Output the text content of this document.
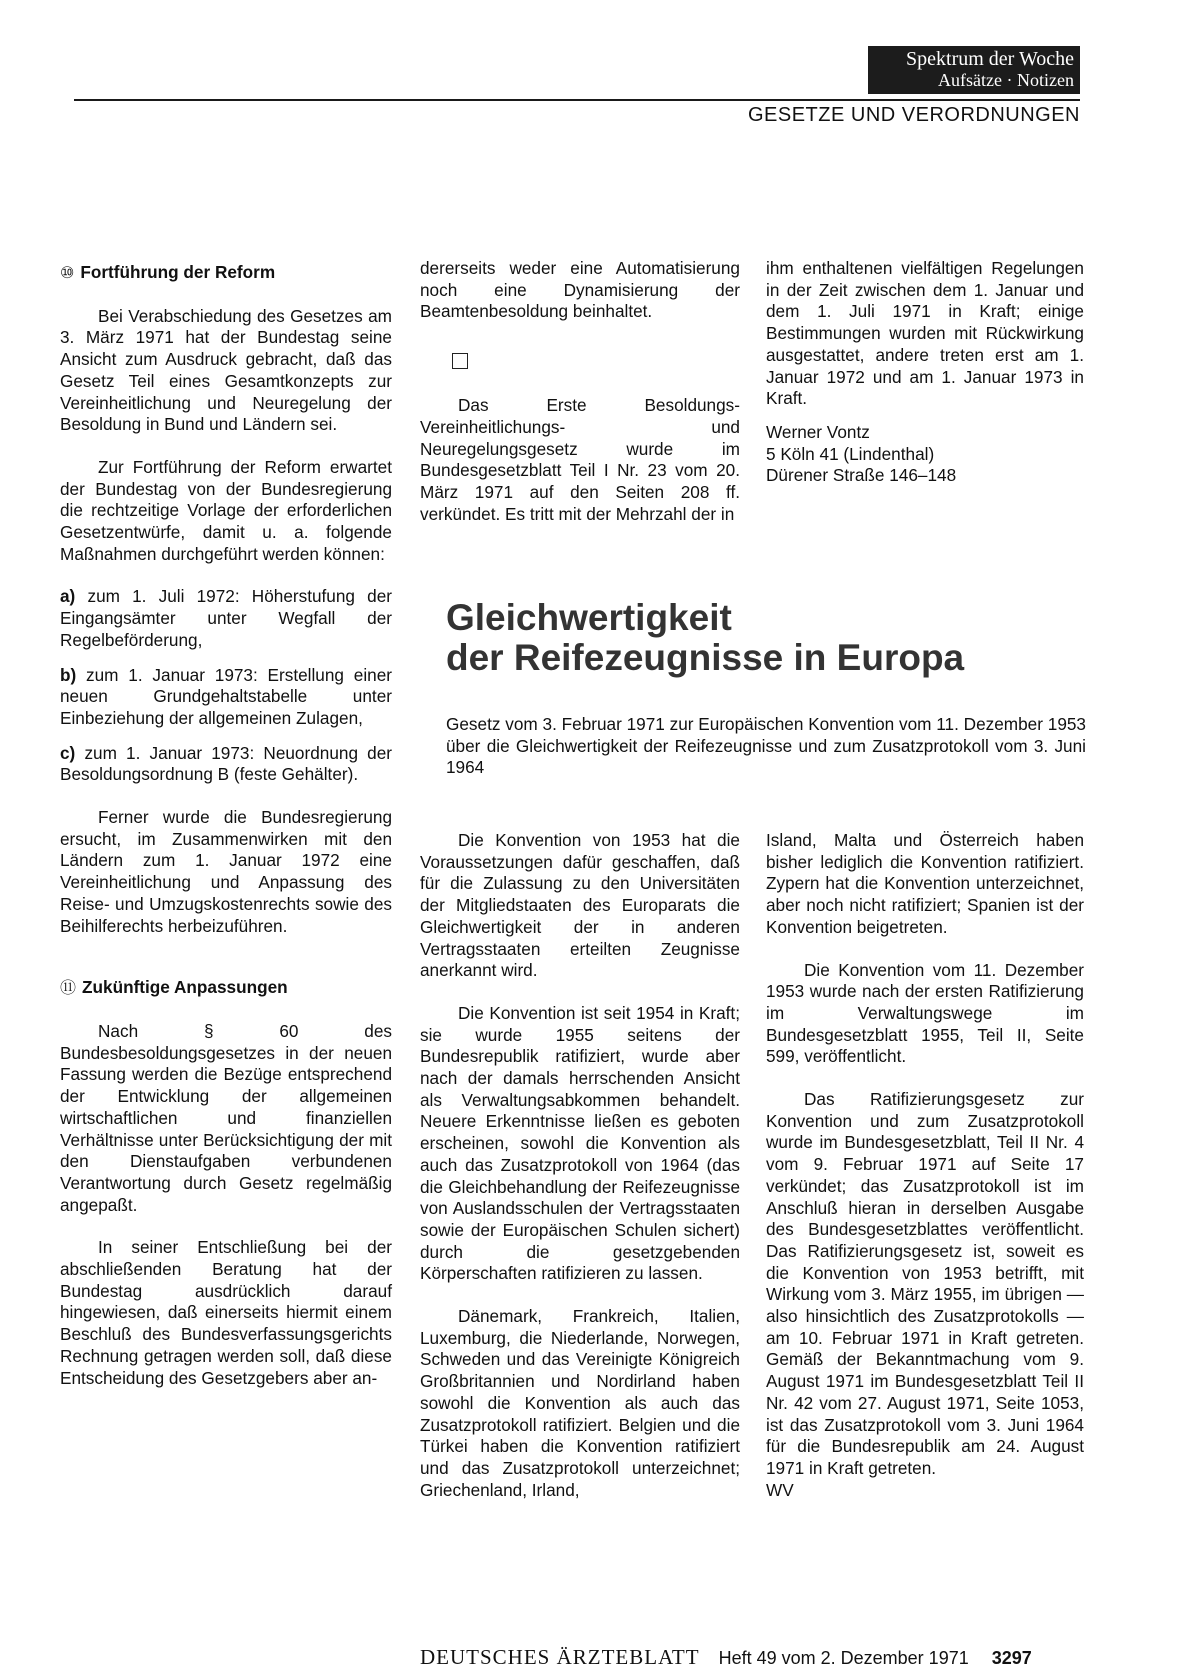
Spektrum der Woche
Aufsätze · Notizen
GESETZE UND VERORDNUNGEN

⑩ Fortführung der Reform

Bei Verabschiedung des Gesetzes am 3. März 1971 hat der Bundestag seine Ansicht zum Ausdruck gebracht, daß das Gesetz Teil eines Gesamtkonzepts zur Vereinheitlichung und Neuregelung der Besoldung in Bund und Ländern sei.

Zur Fortführung der Reform erwartet der Bundestag von der Bundesregierung die rechtzeitige Vorlage der erforderlichen Gesetzentwürfe, damit u. a. folgende Maßnahmen durchgeführt werden können:

a) zum 1. Juli 1972: Höherstufung der Eingangsämter unter Wegfall der Regelbeförderung,

b) zum 1. Januar 1973: Erstellung einer neuen Grundgehaltstabelle unter Einbeziehung der allgemeinen Zulagen,

c) zum 1. Januar 1973: Neuordnung der Besoldungsordnung B (feste Gehälter).

Ferner wurde die Bundesregierung ersucht, im Zusammenwirken mit den Ländern zum 1. Januar 1972 eine Vereinheitlichung und Anpassung des Reise- und Umzugskostenrechts sowie des Beihilferechts herbeizuführen.

⑪ Zukünftige Anpassungen

Nach § 60 des Bundesbesoldungsgesetzes in der neuen Fassung werden die Bezüge entsprechend der Entwicklung der allgemeinen wirtschaftlichen und finanziellen Verhältnisse unter Berücksichtigung der mit den Dienstaufgaben verbundenen Verantwortung durch Gesetz regelmäßig angepaßt.

In seiner Entschließung bei der abschließenden Beratung hat der Bundestag ausdrücklich darauf hingewiesen, daß einerseits hiermit einem Beschluß des Bundesverfassungsgerichts Rechnung getragen werden soll, daß diese Entscheidung des Gesetzgebers aber an-

dererseits weder eine Automatisierung noch eine Dynamisierung der Beamtenbesoldung beinhaltet.

Das Erste Besoldungs-Vereinheitlichungs- und Neuregelungsgesetz wurde im Bundesgesetzblatt Teil I Nr. 23 vom 20. März 1971 auf den Seiten 208 ff. verkündet. Es tritt mit der Mehrzahl der in

ihm enthaltenen vielfältigen Regelungen in der Zeit zwischen dem 1. Januar und dem 1. Juli 1971 in Kraft; einige Bestimmungen wurden mit Rückwirkung ausgestattet, andere treten erst am 1. Januar 1972 und am 1. Januar 1973 in Kraft.

Werner Vontz

5 Köln 41 (Lindenthal)

Dürener Straße 146–148

Gleichwertigkeit
der Reifezeugnisse in Europa

Gesetz vom 3. Februar 1971 zur Europäischen Konvention vom 11. Dezember 1953 über die Gleichwertigkeit der Reifezeugnisse und zum Zusatzprotokoll vom 3. Juni 1964

Die Konvention von 1953 hat die Voraussetzungen dafür geschaffen, daß für die Zulassung zu den Universitäten der Mitgliedstaaten des Europarats die Gleichwertigkeit der in anderen Vertragsstaaten erteilten Zeugnisse anerkannt wird.

Die Konvention ist seit 1954 in Kraft; sie wurde 1955 seitens der Bundesrepublik ratifiziert, wurde aber nach der damals herrschenden Ansicht als Verwaltungsabkommen behandelt. Neuere Erkenntnisse ließen es geboten erscheinen, sowohl die Konvention als auch das Zusatzprotokoll von 1964 (das die Gleichbehandlung der Reifezeugnisse von Auslandsschulen der Vertragsstaaten sowie der Europäischen Schulen sichert) durch die gesetzgebenden Körperschaften ratifizieren zu lassen.

Dänemark, Frankreich, Italien, Luxemburg, die Niederlande, Norwegen, Schweden und das Vereinigte Königreich Großbritannien und Nordirland haben sowohl die Konvention als auch das Zusatzprotokoll ratifiziert. Belgien und die Türkei haben die Konvention ratifiziert und das Zusatzprotokoll unterzeichnet; Griechenland, Irland,

Island, Malta und Österreich haben bisher lediglich die Konvention ratifiziert. Zypern hat die Konvention unterzeichnet, aber noch nicht ratifiziert; Spanien ist der Konvention beigetreten.

Die Konvention vom 11. Dezember 1953 wurde nach der ersten Ratifizierung im Verwaltungswege im Bundesgesetzblatt 1955, Teil II, Seite 599, veröffentlicht.

Das Ratifizierungsgesetz zur Konvention und zum Zusatzprotokoll wurde im Bundesgesetzblatt, Teil II Nr. 4 vom 9. Februar 1971 auf Seite 17 verkündet; das Zusatzprotokoll ist im Anschluß hieran in derselben Ausgabe des Bundesgesetzblattes veröffentlicht. Das Ratifizierungsgesetz ist, soweit es die Konvention von 1953 betrifft, mit Wirkung vom 3. März 1955, im übrigen — also hinsichtlich des Zusatzprotokolls — am 10. Februar 1971 in Kraft getreten. Gemäß der Bekanntmachung vom 9. August 1971 im Bundesgesetzblatt Teil II Nr. 42 vom 27. August 1971, Seite 1053, ist das Zusatzprotokoll vom 3. Juni 1964 für die Bundesrepublik am 24. August 1971 in Kraft getreten.

WV

DEUTSCHES ÄRZTEBLATT Heft 49 vom 2. Dezember 1971 3297
